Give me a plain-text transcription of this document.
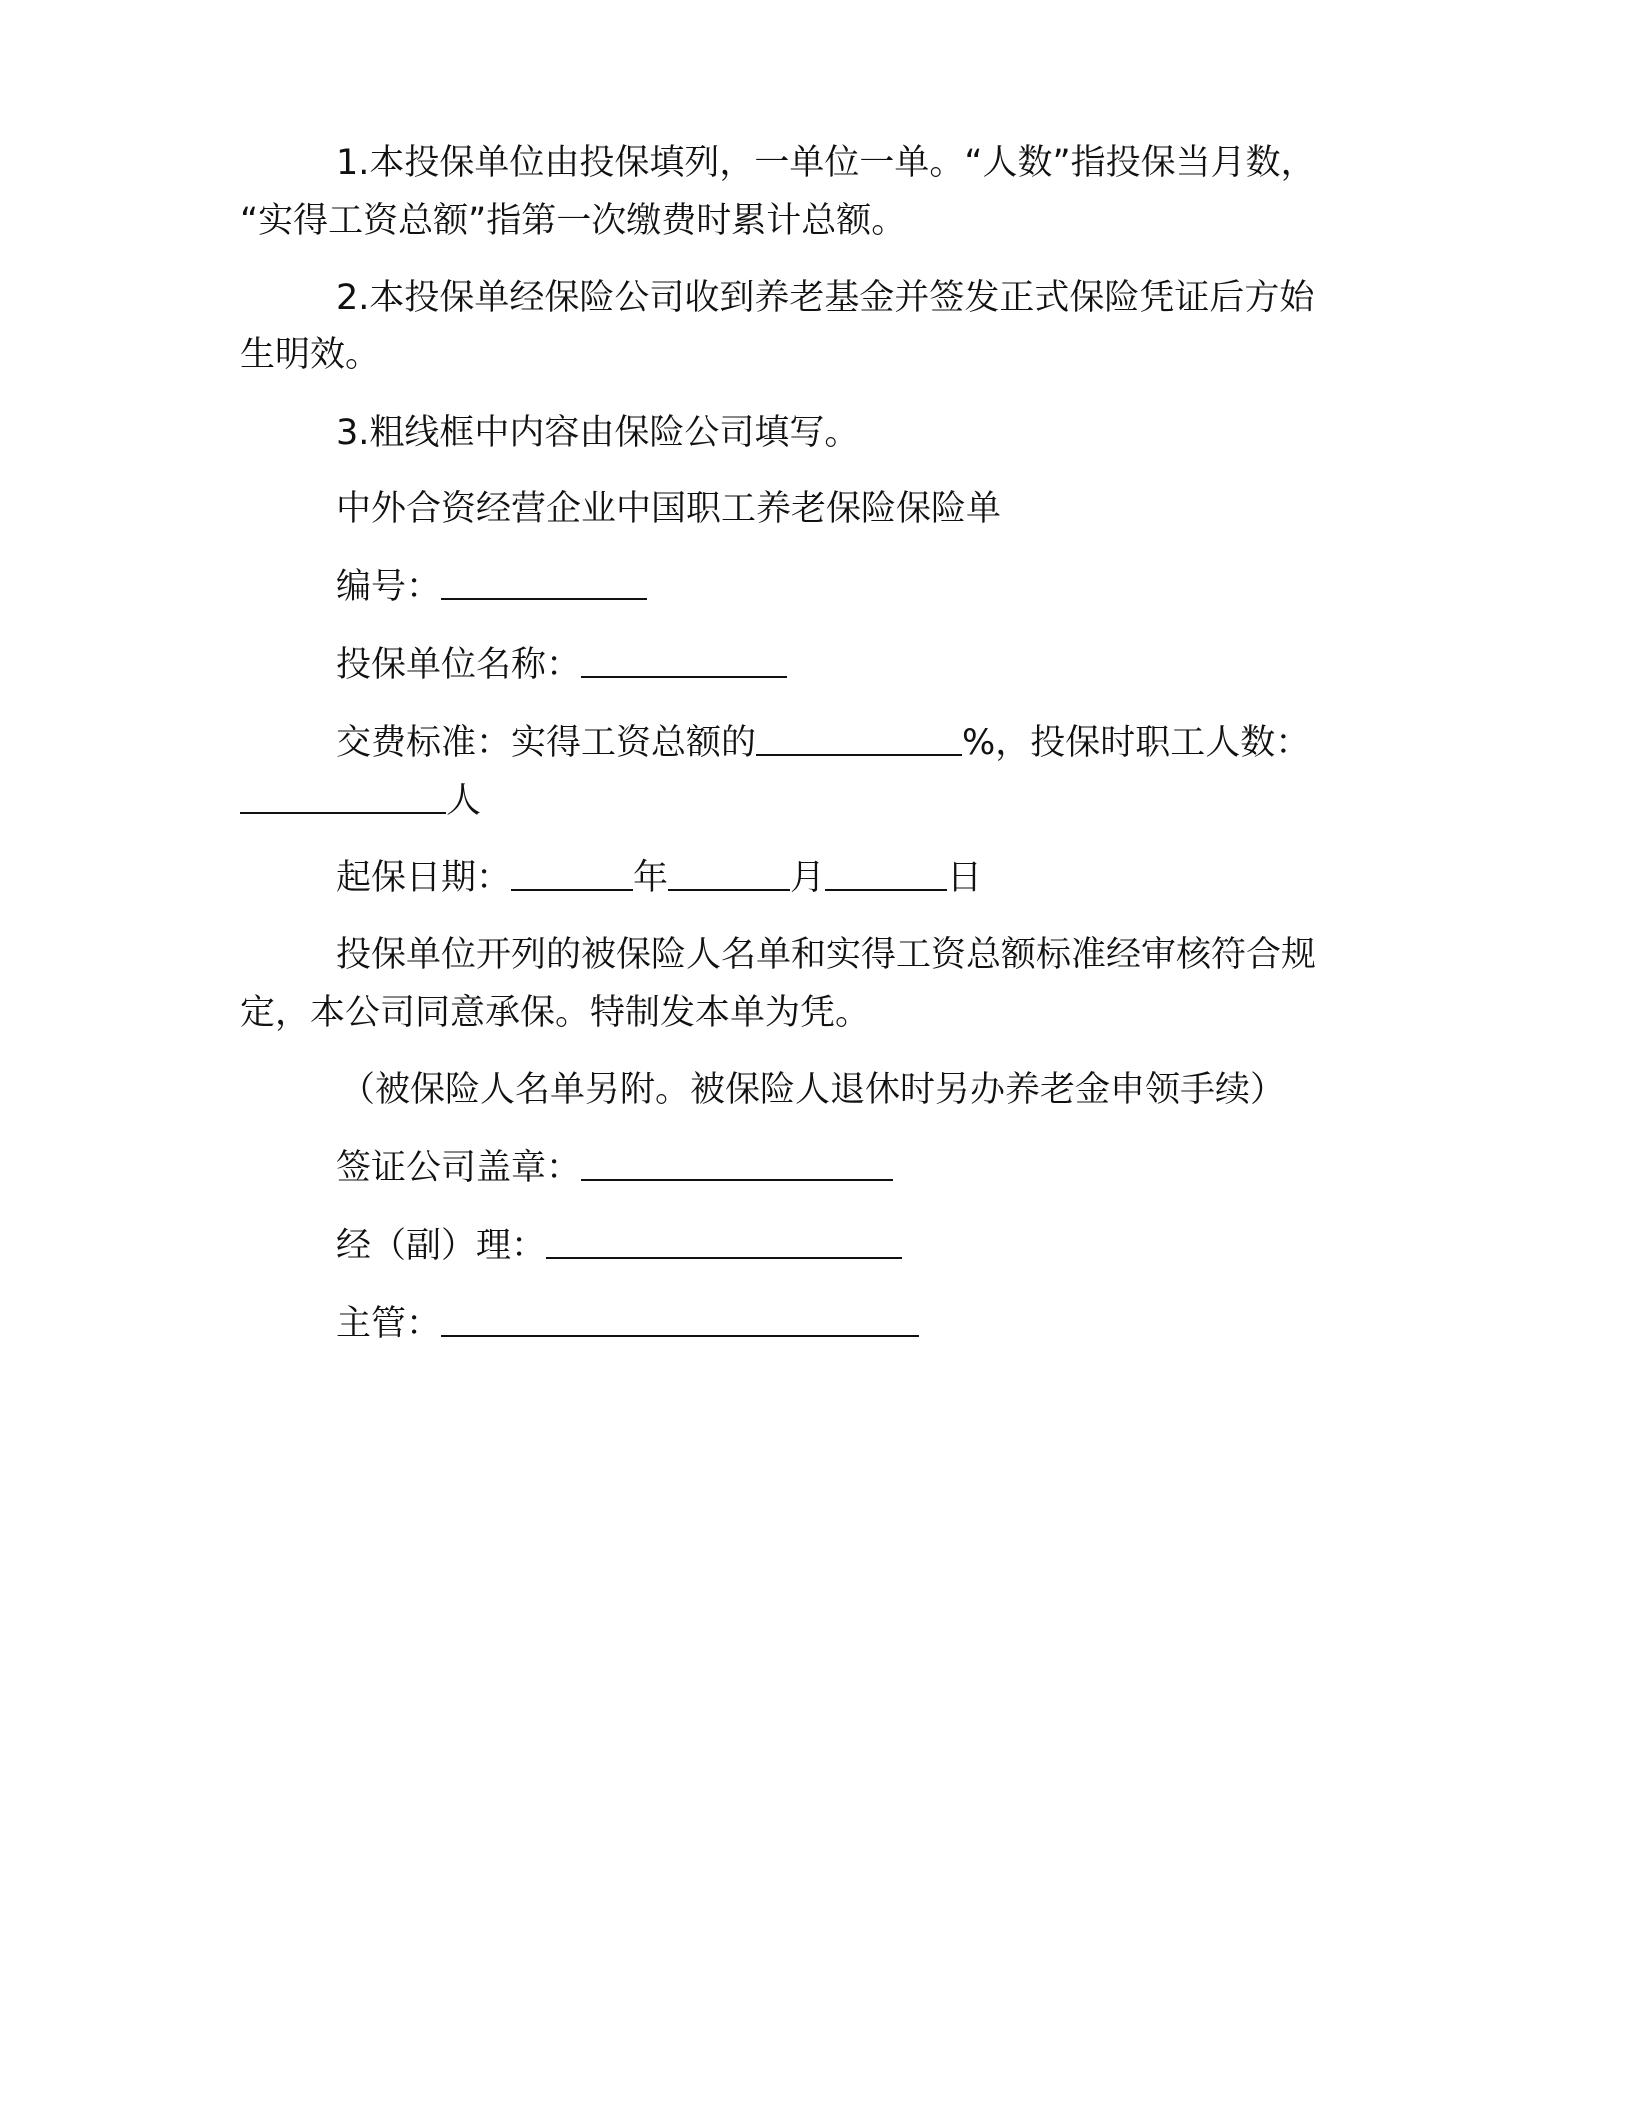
1.本投保单位由投保填列，一单位一单。“人数”指投保当月数，

“实得工资总额”指第一次缴费时累计总额。

2.本投保单经保险公司收到养老基金并签发正式保险凭证后方始

生明效。

3.粗线框中内容由保险公司填写。

中外合资经营企业中国职工养老保险保险单

编号：

投保单位名称：

交费标准：实得工资总额的	%，投保时职工人数：

人

起保日期：	年	月	日

投保单位开列的被保险人名单和实得工资总额标准经审核符合规

定，本公司同意承保。特制发本单为凭。

（被保险人名单另附。被保险人退休时另办养老金申领手续）

签证公司盖章：

经（副）理：

主管：
